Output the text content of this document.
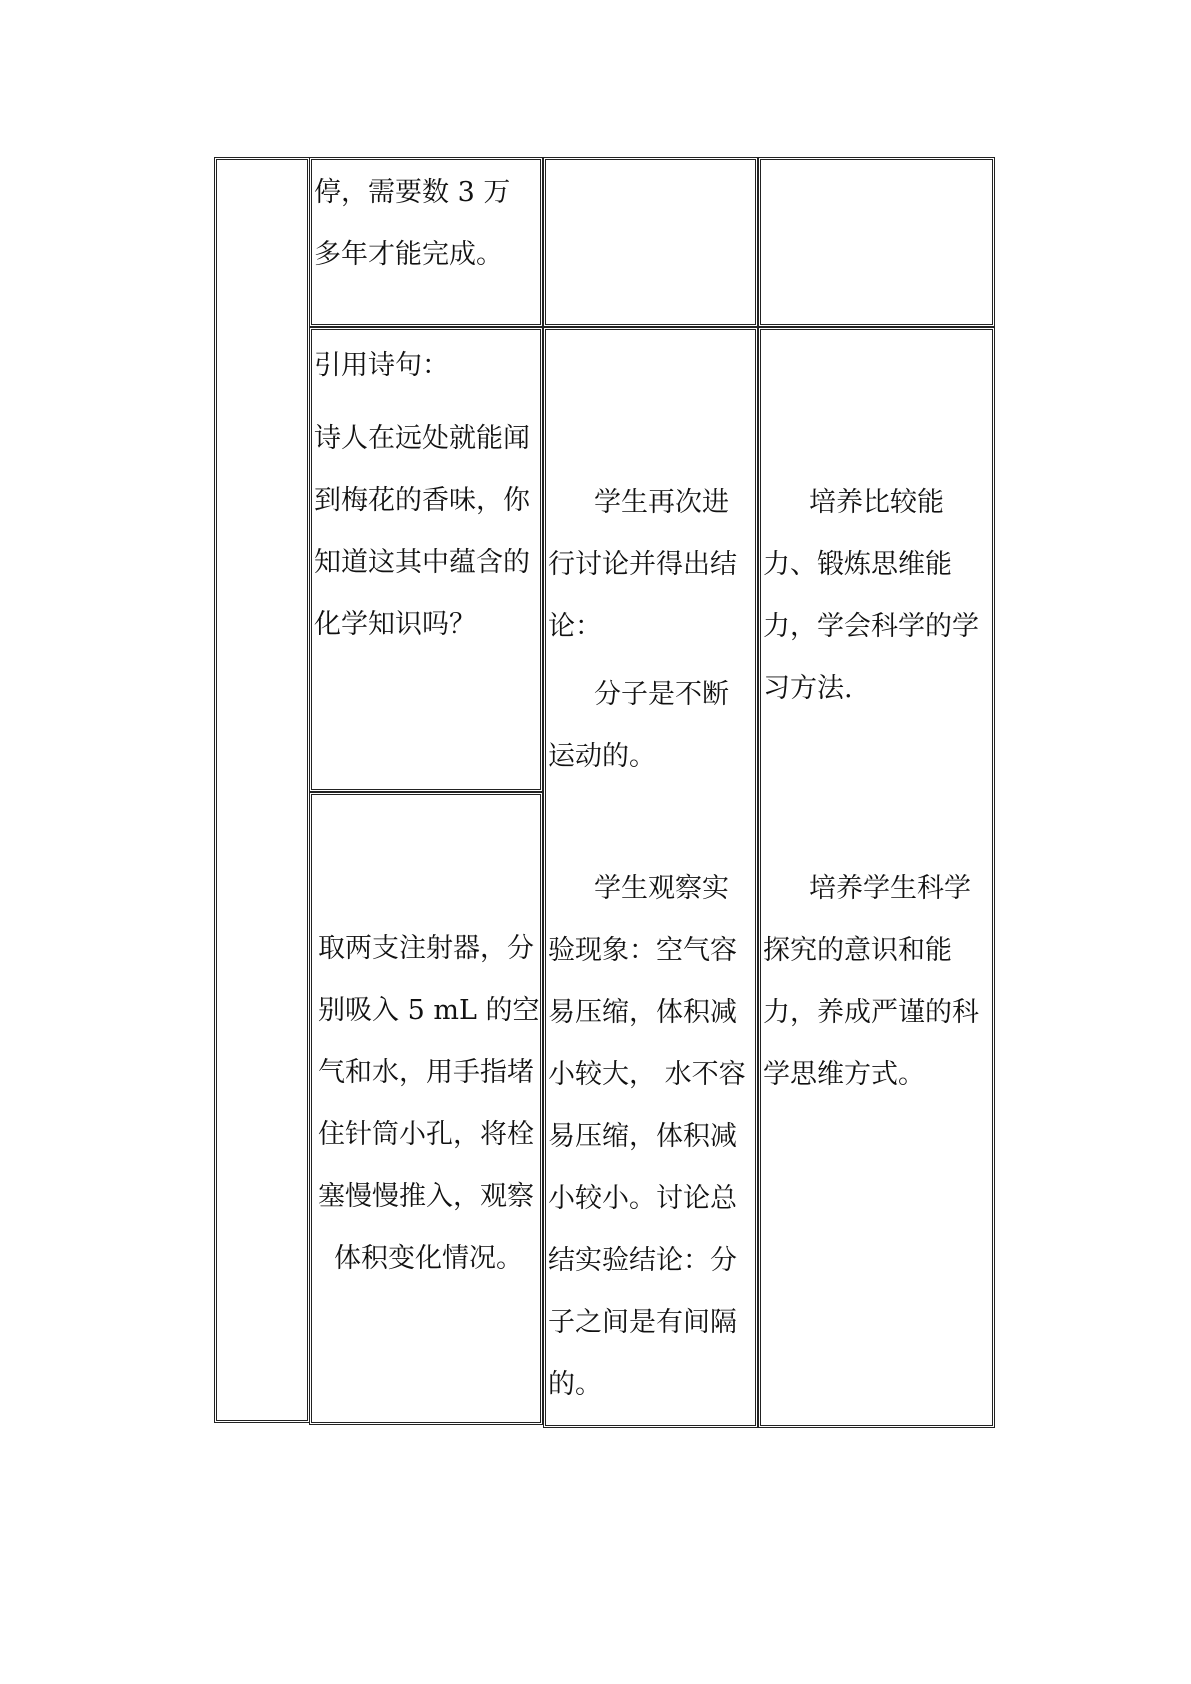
停，需要数 3 万
多年才能完成。
引用诗句：
诗人在远处就能闻
到梅花的香味，你
知道这其中蕴含的
化学知识吗？
取两支注射器，分
别吸入 5 mL 的空
气和水，用手指堵
住针筒小孔，将栓
塞慢慢推入，观察
体积变化情况。
学生再次进
行讨论并得出结
论：
分子是不断
运动的。
学生观察实
验现象：空气容
易压缩，体积减
小较大， 水不容
易压缩，体积减
小较小。讨论总
结实验结论：分
子之间是有间隔
的。
培养比较能
力、锻炼思维能
力，学会科学的学
习方法.
培养学生科学
探究的意识和能
力，养成严谨的科
学思维方式。
